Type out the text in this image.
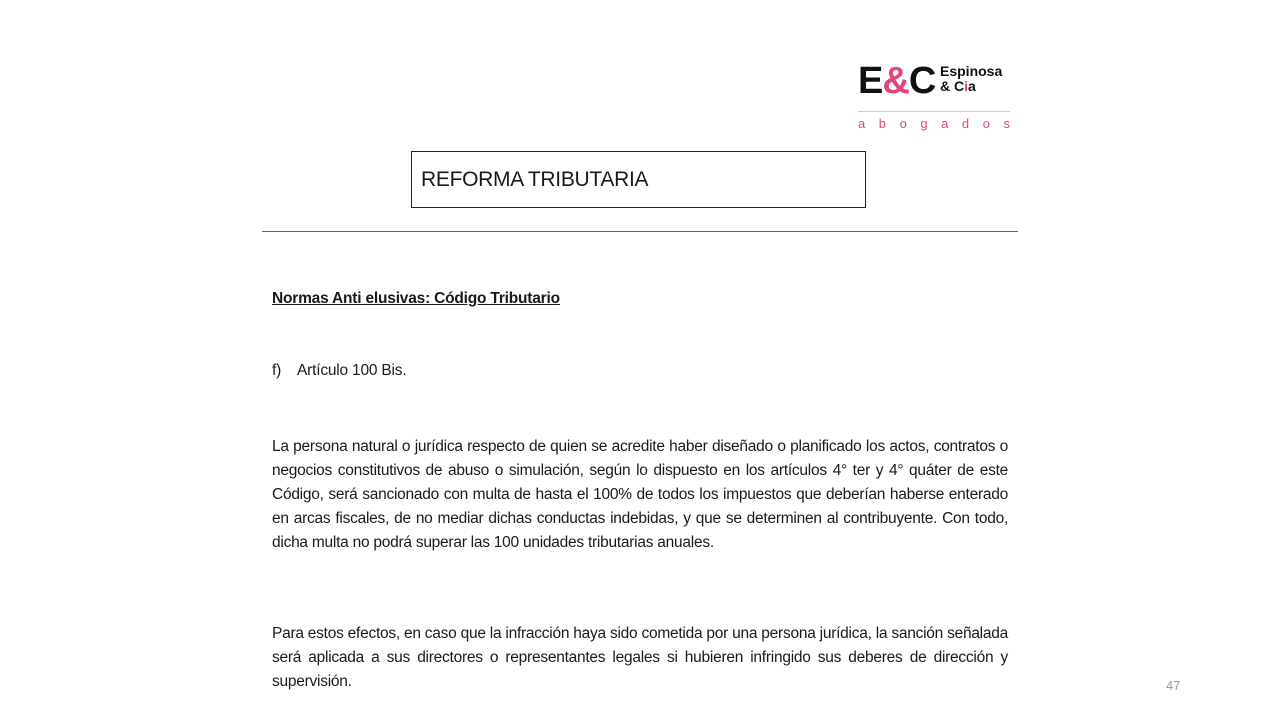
E&C Espinosa
& Cia
a b o g a d o s
REFORMA TRIBUTARIA
Normas Anti elusivas: Código Tributario
f) Artículo 100 Bis.

La persona natural o jurídica respecto de quien se acredite haber diseñado o planificado los actos, contratos o negocios constitutivos de abuso o simulación, según lo dispuesto en los artículos 4° ter y 4° quáter de este Código, será sancionado con multa de hasta el 100% de todos los impuestos que deberían haberse enterado en arcas fiscales, de no mediar dichas conductas indebidas, y que se determinen al contribuyente. Con todo, dicha multa no podrá superar las 100 unidades tributarias anuales.

Para estos efectos, en caso que la infracción haya sido cometida por una persona jurídica, la sanción señalada será aplicada a sus directores o representantes legales si hubieren infringido sus deberes de dirección y supervisión.	47
